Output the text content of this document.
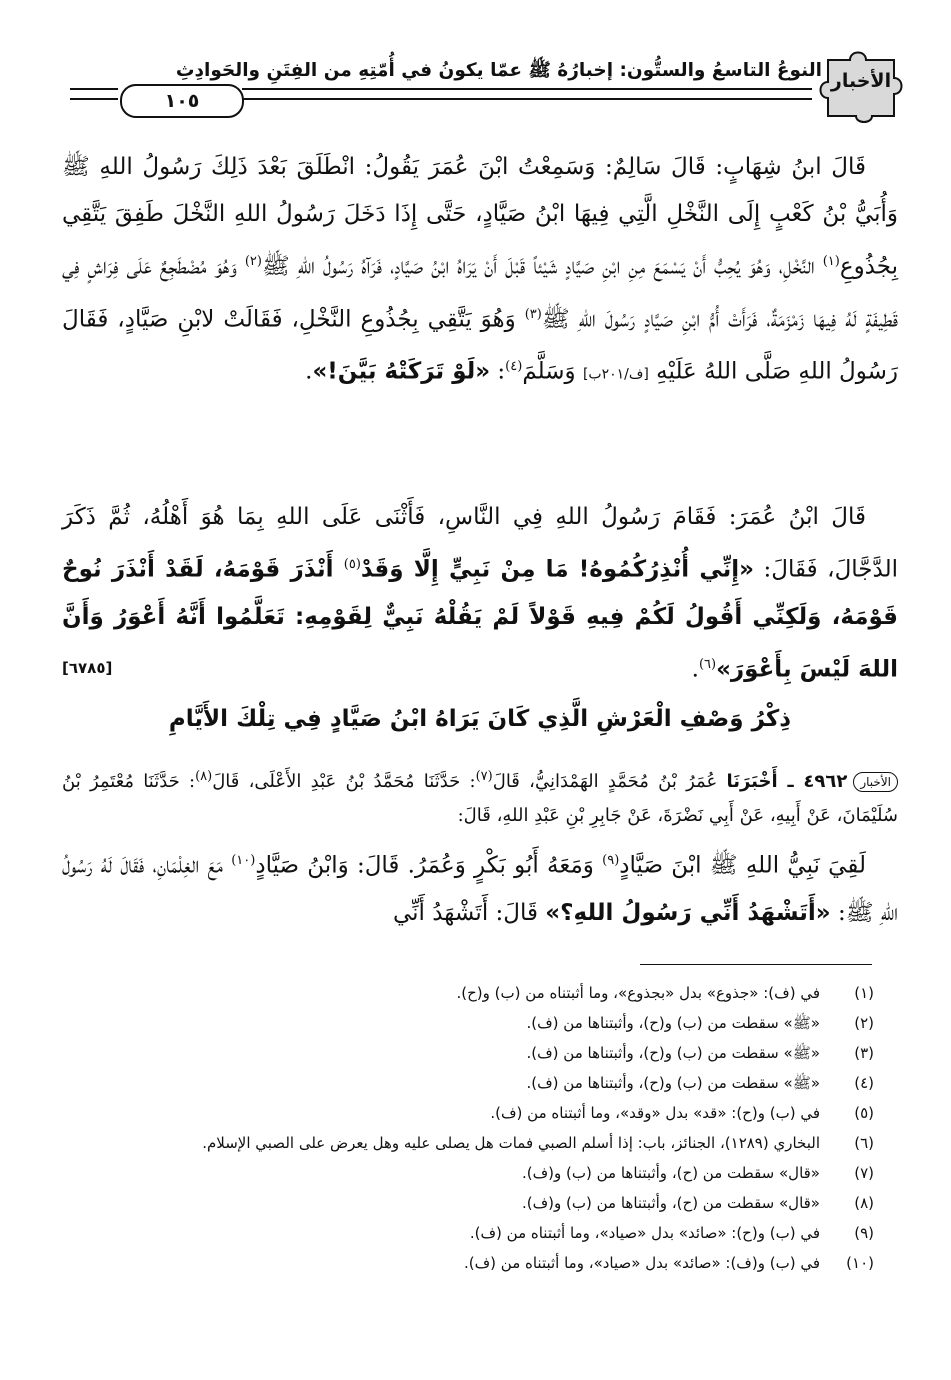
الأخبار
النوعُ التاسعُ والستُّون: إخبارُهُ ﷺ عمّا يكونُ في أُمّتِهِ من الفِتَنِ والحَوادِثِ
١٠٥

قَالَ ابنُ شِهَابٍ: قَالَ سَالِمٌ: وَسَمِعْتُ ابْنَ عُمَرَ يَقُولُ: انْطَلَقَ بَعْدَ ذَلِكَ رَسُولُ اللهِ ﷺ وَأُبَيُّ بْنُ كَعْبٍ إِلَى النَّخْلِ الَّتِي فِيهَا ابْنُ صَيَّادٍ، حَتَّى إِذَا دَخَلَ رَسُولُ اللهِ النَّخْلَ طَفِقَ يَتَّقِي بِجُذُوعِ$^{(١)}$ النَّخْلِ، وَهُوَ يُحِبُّ أَنْ يَسْمَعَ مِنِ ابْنِ صَيَّادٍ شَيْئاً قَبْلَ أَنْ يَرَاهُ ابْنُ صَيَّادٍ، فَرَآهُ رَسُولُ اللهِ ﷺ$^{(٢)}$ وَهُوَ مُضْطَجِعٌ عَلَى فِرَاشٍ فِي قَطِيفَةٍ لَهُ فِيهَا زَمْزَمَةٌ، فَرَأَتْ أُمُّ ابْنِ صَيَّادٍ رَسُولَ اللهِ ﷺ$^{(٣)}$ وَهُوَ يَتَّقِي بِجُذُوعِ النَّخْلِ، فَقَالَتْ لابْنِ صَيَّادٍ، فَقَالَ رَسُولُ اللهِ صَلَّى اللهُ عَلَيْهِ [ف/٢٠١ب] وَسَلَّمَ$^{(٤)}$: «لَوْ تَرَكَتْهُ بَيَّنَ!».

قَالَ ابْنُ عُمَرَ: فَقَامَ رَسُولُ اللهِ فِي النَّاسِ، فَأَثْنَى عَلَى اللهِ بِمَا هُوَ أَهْلُهُ، ثُمَّ ذَكَرَ الدَّجَّالَ، فَقَالَ: «إِنِّي أُنْذِرُكُمُوهُ! مَا مِنْ نَبِيٍّ إِلَّا وَقَدْ$^{(٥)}$ أَنْذَرَ قَوْمَهُ، لَقَدْ أَنْذَرَ نُوحٌ قَوْمَهُ، وَلَكِنِّي أَقُولُ لَكُمْ فِيهِ قَوْلاً لَمْ يَقُلْهُ نَبِيٌّ لِقَوْمِهِ: تَعَلَّمُوا أَنَّهُ أَعْوَرُ وَأَنَّ اللهَ لَيْسَ بِأَعْوَرَ»$^{(٦)}$.
[٦٧٨٥]

ذِكْرُ وَصْفِ الْعَرْشِ الَّذِي كَانَ يَرَاهُ ابْنُ صَيَّادٍ فِي تِلْكَ الأَيَّامِ
الأخبار٤٩٦٢ ـ أَخْبَرَنَا عُمَرُ بْنُ مُحَمَّدٍ الهَمْدَانِيُّ، قَالَ$^{(٧)}$: حَدَّثَنَا مُحَمَّدُ بْنُ عَبْدِ الأَعْلَى، قَالَ$^{(٨)}$: حَدَّثَنَا مُعْتَمِرُ بْنُ سُلَيْمَانَ، عَنْ أَبِيهِ، عَنْ أَبِي نَضْرَةَ، عَنْ جَابِرِ بْنِ عَبْدِ اللهِ، قَالَ:

لَقِيَ نَبِيُّ اللهِ ﷺ ابْنَ صَيَّادٍ$^{(٩)}$ وَمَعَهُ أَبُو بَكْرٍ وَعُمَرُ. قَالَ: وَابْنُ صَيَّادٍ$^{(١٠)}$ مَعَ الغِلْمَانِ، فَقَالَ لَهُ رَسُولُ اللهِ ﷺ: «أَتَشْهَدُ أَنِّي رَسُولُ اللهِ؟» قَالَ: أَتَشْهَدُ أَنِّي

(١)
في (ف): «جذوع» بدل «بجذوع»، وما أثبتناه من (ب) و(ح).
(٢)
«ﷺ» سقطت من (ب) و(ح)، وأثبتناها من (ف).
(٣)
«ﷺ» سقطت من (ب) و(ح)، وأثبتناها من (ف).
(٤)
«ﷺ» سقطت من (ب) و(ح)، وأثبتناها من (ف).
(٥)
في (ب) و(ح): «قد» بدل «وقد»، وما أثبتناه من (ف).
(٦)
البخاري (١٢٨٩)، الجنائز، باب: إذا أسلم الصبي فمات هل يصلى عليه وهل يعرض على الصبي الإسلام.
(٧)
«قال» سقطت من (ح)، وأثبتناها من (ب) و(ف).
(٨)
«قال» سقطت من (ح)، وأثبتناها من (ب) و(ف).
(٩)
في (ب) و(ح): «صائد» بدل «صياد»، وما أثبتناه من (ف).
(١٠)
في (ب) و(ف): «صائد» بدل «صياد»، وما أثبتناه من (ف).
